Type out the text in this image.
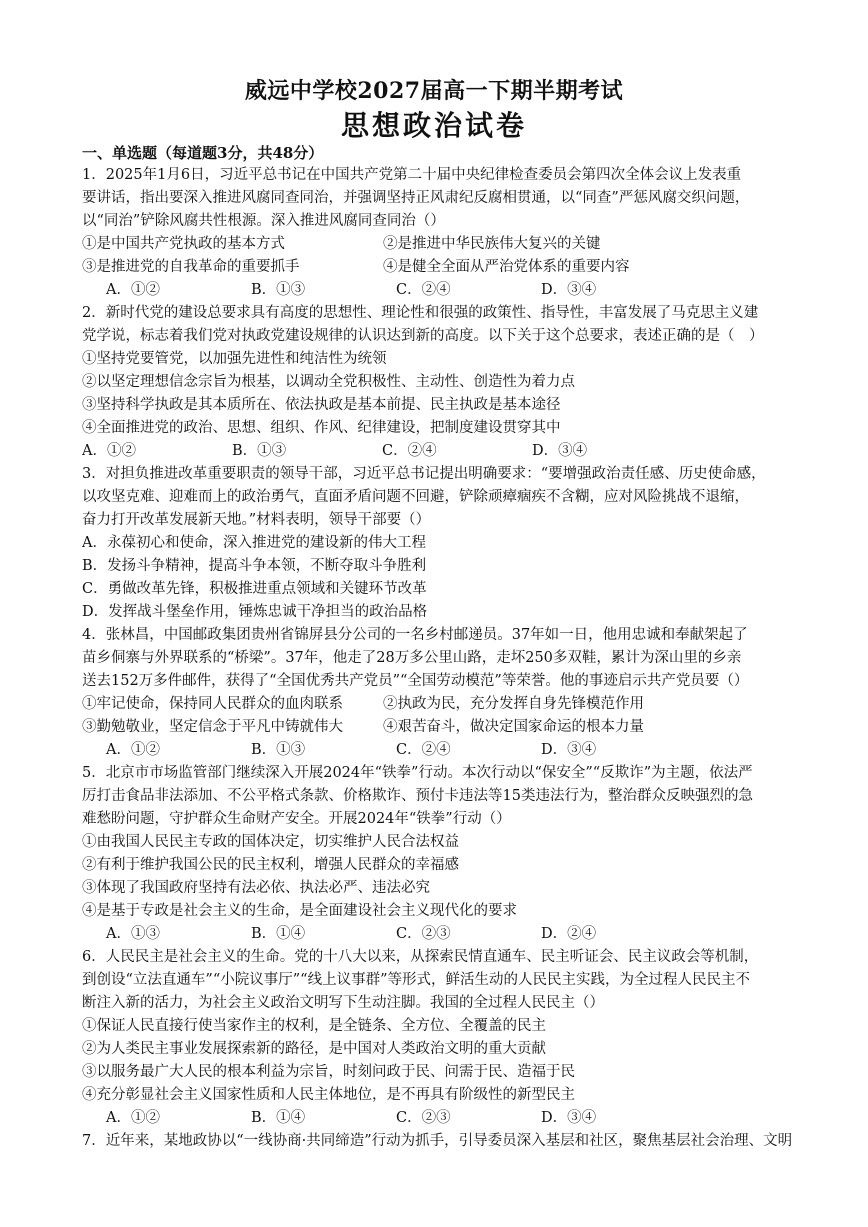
威远中学校2027届高一下期半期考试
思想政治试卷
一、单选题（每道题3分，共48分）
1．2025年1月6日，习近平总书记在中国共产党第二十届中央纪律检查委员会第四次全体会议上发表重
要讲话，指出要深入推进风腐同查同治，并强调坚持正风肃纪反腐相贯通，以“同查”严惩风腐交织问题，
以“同治”铲除风腐共性根源。深入推进风腐同查同治（）
①是中国共产党执政的基本方式	②是推进中华民族伟大复兴的关键
③是推进党的自我革命的重要抓手	④是健全全面从严治党体系的重要内容
A．①②	B．①③	C．②④	D．③④
2．新时代党的建设总要求具有高度的思想性、理论性和很强的政策性、指导性，丰富发展了马克思主义建
党学说，标志着我们党对执政党建设规律的认识达到新的高度。以下关于这个总要求，表述正确的是（　）
①坚持党要管党，以加强先进性和纯洁性为统领
②以坚定理想信念宗旨为根基，以调动全党积极性、主动性、创造性为着力点
③坚持科学执政是其本质所在、依法执政是基本前提、民主执政是基本途径
④全面推进党的政治、思想、组织、作风、纪律建设，把制度建设贯穿其中
A．①②	B．①③	C．②④	D．③④
3．对担负推进改革重要职责的领导干部，习近平总书记提出明确要求：“要增强政治责任感、历史使命感，
以攻坚克难、迎难而上的政治勇气，直面矛盾问题不回避，铲除顽瘴痼疾不含糊，应对风险挑战不退缩，
奋力打开改革发展新天地。”材料表明，领导干部要（）
A．永葆初心和使命，深入推进党的建设新的伟大工程
B．发扬斗争精神，提高斗争本领，不断夺取斗争胜利
C．勇做改革先锋，积极推进重点领域和关键环节改革
D．发挥战斗堡垒作用，锤炼忠诚干净担当的政治品格
4．张林昌，中国邮政集团贵州省锦屏县分公司的一名乡村邮递员。37年如一日，他用忠诚和奉献架起了
苗乡侗寨与外界联系的“桥梁”。37年，他走了28万多公里山路，走坏250多双鞋，累计为深山里的乡亲
送去152万多件邮件，获得了“全国优秀共产党员”“全国劳动模范”等荣誉。他的事迹启示共产党员要（）
①牢记使命，保持同人民群众的血肉联系	②执政为民，充分发挥自身先锋模范作用
③勤勉敬业，坚定信念于平凡中铸就伟大	④艰苦奋斗，做决定国家命运的根本力量
A．①②	B．①③	C．②④	D．③④
5．北京市市场监管部门继续深入开展2024年“铁拳”行动。本次行动以“保安全”“反欺诈”为主题，依法严
厉打击食品非法添加、不公平格式条款、价格欺诈、预付卡违法等15类违法行为，整治群众反映强烈的急
难愁盼问题，守护群众生命财产安全。开展2024年“铁拳”行动（）
①由我国人民民主专政的国体决定，切实维护人民合法权益
②有利于维护我国公民的民主权利，增强人民群众的幸福感
③体现了我国政府坚持有法必依、执法必严、违法必究
④是基于专政是社会主义的生命，是全面建设社会主义现代化的要求
A．①③	B．①④	C．②③	D．②④
6．人民民主是社会主义的生命。党的十八大以来，从探索民情直通车、民主听证会、民主议政会等机制，
到创设“立法直通车”“小院议事厅”“线上议事群”等形式，鲜活生动的人民民主实践，为全过程人民民主不
断注入新的活力，为社会主义政治文明写下生动注脚。我国的全过程人民民主（）
①保证人民直接行使当家作主的权利，是全链条、全方位、全覆盖的民主
②为人类民主事业发展探索新的路径，是中国对人类政治文明的重大贡献
③以服务最广大人民的根本利益为宗旨，时刻问政于民、问需于民、造福于民
④充分彰显社会主义国家性质和人民主体地位，是不再具有阶级性的新型民主
A．①②	B．①④	C．②③	D．③④
7．近年来，某地政协以“一线协商·共同缔造”行动为抓手，引导委员深入基层和社区，聚焦基层社会治理、文明
